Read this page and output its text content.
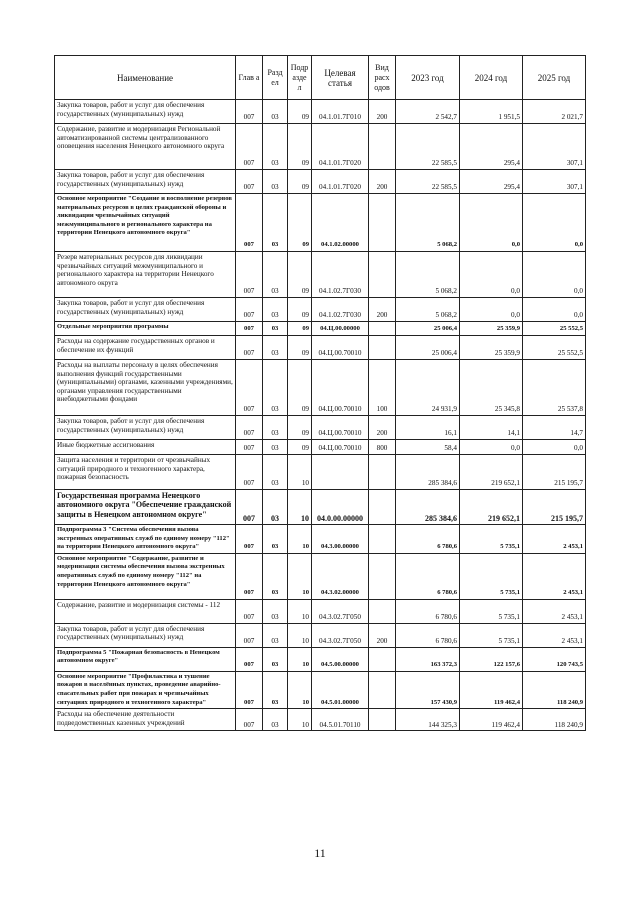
Наименование	Глав а	Разд ел	Подр азде л	Целевая статья	Вид расх одов	2023 год	2024 год	2025 год
Закупка товаров, работ и услуг для обеспечения государственных (муниципальных) нужд	007	03	09	04.1.01.7Г010	200	2 542,7	1 951,5	2 021,7
Содержание, развитие и модернизация Региональной автоматизированной системы централизованного оповещения населения Ненецкого автономного округа	007	03	09	04.1.01.7Г020		22 585,5	295,4	307,1
Закупка товаров, работ и услуг для обеспечения государственных (муниципальных) нужд	007	03	09	04.1.01.7Г020	200	22 585,5	295,4	307,1
Основное мероприятие "Создание и восполнение резервов материальных ресурсов в целях гражданской обороны и ликвидации чрезвычайных ситуаций межмуниципального и регионального характера на территории Ненецкого автономного округа"	007	03	09	04.1.02.00000		5 068,2	0,0	0,0
Резерв материальных ресурсов для ликвидации чрезвычайных ситуаций межмуниципального и регионального характера на территории Ненецкого автономного округа	007	03	09	04.1.02.7Г030		5 068,2	0,0	0,0
Закупка товаров, работ и услуг для обеспечения государственных (муниципальных) нужд	007	03	09	04.1.02.7Г030	200	5 068,2	0,0	0,0
Отдельные мероприятия программы	007	03	09	04.Ц.00.00000		25 006,4	25 359,9	25 552,5
Расходы на содержание государственных органов и обеспечение их функций	007	03	09	04.Ц.00.70010		25 006,4	25 359,9	25 552,5
Расходы на выплаты персоналу в целях обеспечения выполнения функций государственными (муниципальными) органами, казенными учреждениями, органами управления государственными внебюджетными фондами	007	03	09	04.Ц.00.70010	100	24 931,9	25 345,8	25 537,8
Закупка товаров, работ и услуг для обеспечения государственных (муниципальных) нужд	007	03	09	04.Ц.00.70010	200	16,1	14,1	14,7
Иные бюджетные ассигнования	007	03	09	04.Ц.00.70010	800	58,4	0,0	0,0
Защита населения и территории от чрезвычайных ситуаций природного и техногенного характера, пожарная безопасность	007	03	10			285 384,6	219 652,1	215 195,7
Государственная программа Ненецкого автономного округа "Обеспечение гражданской защиты в Ненецком автономном округе"	007	03	10	04.0.00.00000		285 384,6	219 652,1	215 195,7
Подпрограмма 3 "Система обеспечения вызова экстренных оперативных служб по единому номеру "112" на территории Ненецкого автономного округа"	007	03	10	04.3.00.00000		6 780,6	5 735,1	2 453,1
Основное мероприятие "Содержание, развитие и модернизация системы обеспечения вызова экстренных оперативных служб по единому номеру "112" на территории Ненецкого автономного округа"	007	03	10	04.3.02.00000		6 780,6	5 735,1	2 453,1
Содержание, развитие и модернизация системы - 112	007	03	10	04.3.02.7Г050		6 780,6	5 735,1	2 453,1
Закупка товаров, работ и услуг для обеспечения государственных (муниципальных) нужд	007	03	10	04.3.02.7Г050	200	6 780,6	5 735,1	2 453,1
Подпрограмма 5 "Пожарная безопасность в Ненецком автономном округе"	007	03	10	04.5.00.00000		163 372,3	122 157,6	120 743,5
Основное мероприятие "Профилактика и тушение пожаров в населённых пунктах, проведение аварийно-спасательных работ при пожарах и чрезвычайных ситуациях природного и техногенного характера"	007	03	10	04.5.01.00000		157 430,9	119 462,4	118 240,9
Расходы на обеспечение деятельности подведомственных казенных учреждений	007	03	10	04.5.01.70110		144 325,3	119 462,4	118 240,9
11
